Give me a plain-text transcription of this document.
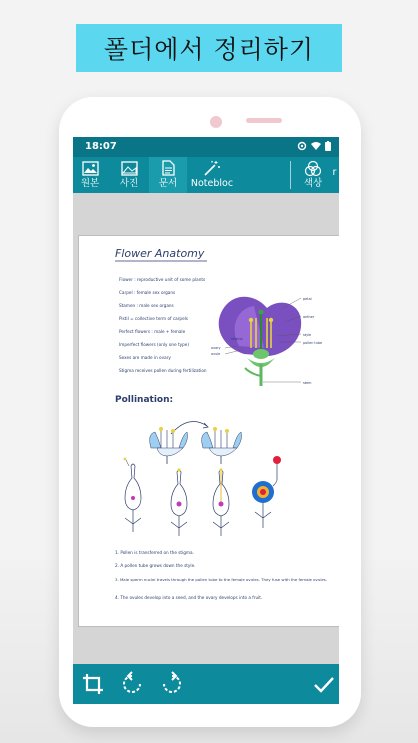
폴더에서 정리하기
18:07
원본 사진 문서 Notebloc	색상
r
Flower Anatomy
Flower : reproductive unit of some plants
Carpel : female sex organs
Stamen : male sex organs
Pistil = collective term of carpels
Perfect flowers : male + female
Imperfect flowers (only one type)
Sexes are made in ovary
Stigma receives pollen during fertilization
petal
anther
stigma
style
pollen tube
ovary
ovule
stem
Pollination:
1. Pollen is transferred on the stigma.
2. A pollen tube grows down the style.
3. Male sperm nuclei travels through the pollen tube to the female ovules. They fuse with the female ovules.
4. The ovules develop into a seed, and the ovary develops into a fruit.
